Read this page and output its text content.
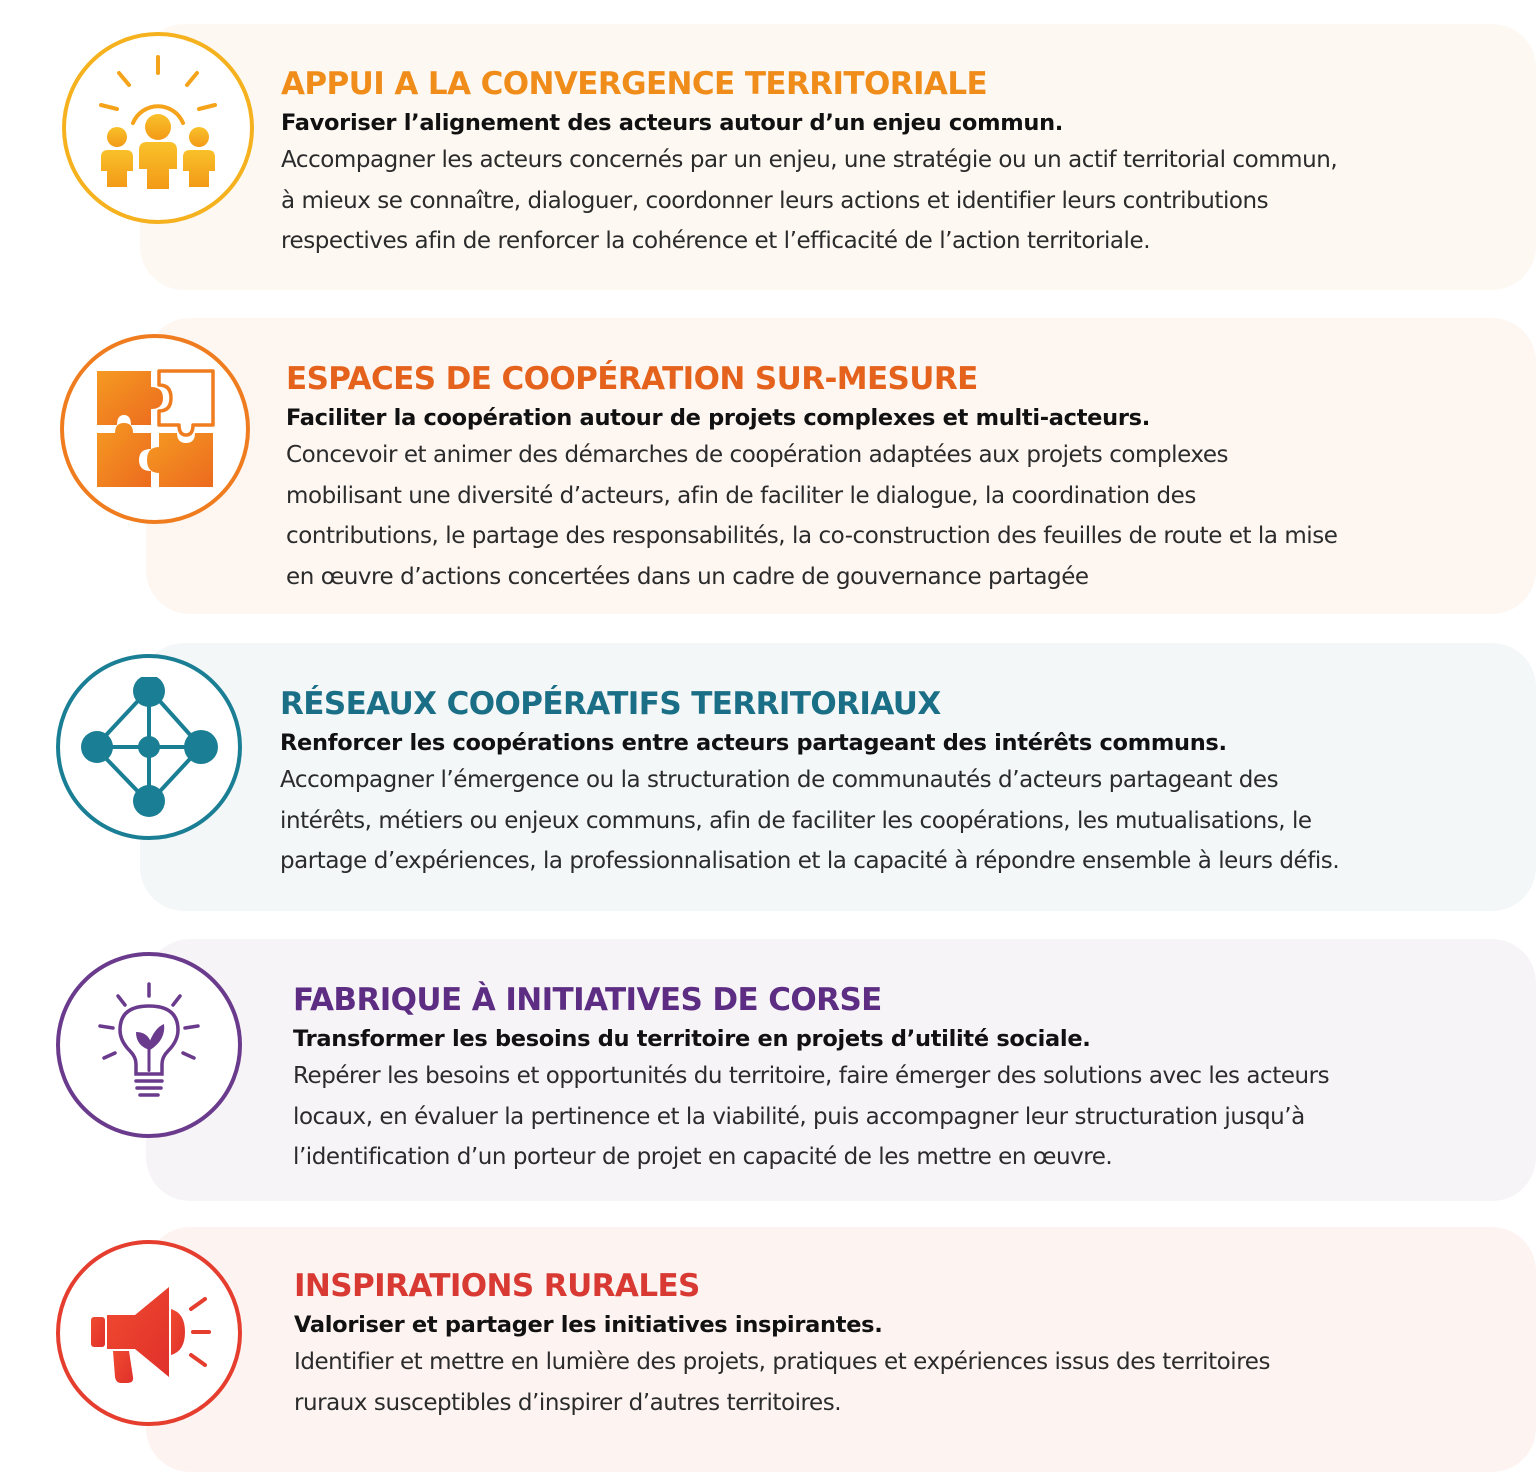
APPUI A LA CONVERGENCE TERRITORIALE
Favoriser l’alignement des acteurs autour d’un enjeu commun.
Accompagner les acteurs concernés par un enjeu, une stratégie ou un actif territorial commun,
à mieux se connaître, dialoguer, coordonner leurs actions et identifier leurs contributions
respectives afin de renforcer la cohérence et l’efficacité de l’action territoriale.
ESPACES DE COOPÉRATION SUR-MESURE
Faciliter la coopération autour de projets complexes et multi-acteurs.
Concevoir et animer des démarches de coopération adaptées aux projets complexes
mobilisant une diversité d’acteurs, afin de faciliter le dialogue, la coordination des
contributions, le partage des responsabilités, la co-construction des feuilles de route et la mise
en œuvre d’actions concertées dans un cadre de gouvernance partagée
RÉSEAUX COOPÉRATIFS TERRITORIAUX
Renforcer les coopérations entre acteurs partageant des intérêts communs.
Accompagner l’émergence ou la structuration de communautés d’acteurs partageant des
intérêts, métiers ou enjeux communs, afin de faciliter les coopérations, les mutualisations, le
partage d’expériences, la professionnalisation et la capacité à répondre ensemble à leurs défis.
FABRIQUE À INITIATIVES DE CORSE
Transformer les besoins du territoire en projets d’utilité sociale.
Repérer les besoins et opportunités du territoire, faire émerger des solutions avec les acteurs
locaux, en évaluer la pertinence et la viabilité, puis accompagner leur structuration jusqu’à
l’identification d’un porteur de projet en capacité de les mettre en œuvre.
INSPIRATIONS RURALES
Valoriser et partager les initiatives inspirantes.
Identifier et mettre en lumière des projets, pratiques et expériences issus des territoires
ruraux susceptibles d’inspirer d’autres territoires.
